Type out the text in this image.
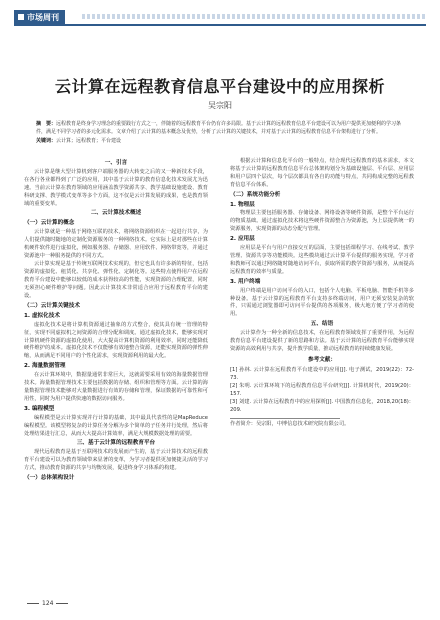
市场周刊
云计算在远程教育信息平台建设中的应用探析
吴宗阳

摘　要：远程教育是终身学习理念的重要践行方式之一，伴随着的远程教育平台仍有许多局限。基于云计算的远程教育信息平台建设可以为用户提供更加便利的学习条件，满足不同学习者的多元化需求。文章介绍了云计算的基本概念及优势，分析了云计算的关键技术，并对基于云计算的远程教育信息平台架构进行了分析。

关键词：云计算；远程教育；平台建设

一、引言

云计算是继大型计算机到客户端服务器的大转变之后的又一种新技术手段，在各行各业都得到了广泛的应用，其中基于云计算的教育信息化技术发展尤为迅速。当前云计算在教育领域的应用涵盖教学资源共享、教学基础设施建设、教育科研支撑、教学模式变革等多个方面，这不仅是云计算发展的成果，也是教育领域的重要变革。

二、云计算技术概述
（一）云计算的概念

云计算就是一种基于网络互联的技术，将网络资源组织在一起进行共享，为人们提供随时随地的定制化资源服务的一种网络技术。它实际上是对那些在计算机硬件软件进行虚拟化，例如服务器、存储器、应用软件、网络带宽等，并通过资源池中一种服务提供的不同方式。

云计算实现是基于传统互联网技术实现的，但它也具有许多新的特征，包括资源的虚拟化、租赁化、共享化、弹性化、定制化等。这些特点使得用户在远程教育平台建设中能够以较低的成本获得较高的性能，实现资源的合理配置，同时无须担心硬件维护等问题。因此云计算技术非常适合应用于远程教育平台的建设。

（二）云计算关键技术
1. 虚拟化技术

虚拟化技术是将计算机资源通过抽象的方式整合，使其具有统一管理的特征，实现不同虚拟机之间资源的合理分配和调度。通过虚拟化技术，能够实现对计算机硬件资源的虚拟化使用，大大提高计算机资源的利用效率，同时还能降低硬件维护的成本。虚拟化技术不仅能够有效地整合资源，还能实现资源的弹性伸缩，从而满足不同用户的个性化需求，实现资源利用的最大化。

2. 海量数据管理

在云计算环境中，数据量通常非常巨大，这就需要采用有效的海量数据管理技术。海量数据管理技术主要包括数据的存储、组织和管理等方面。云计算的海量数据管理技术能够对大量数据进行有效的存储和管理，保证数据的可靠性和可用性，同时为用户提供快速的数据访问服务。

3. 编程模型

编程模型是云计算实现并行计算的基础，其中最具代表性的是MapReduce编程模型。该模型将复杂的计算任务分解为多个简单的子任务并行处理，然后将处理结果进行汇总，从而大大提高计算效率，满足大规模数据处理的需要。

三、基于云计算的远程教育平台

现代远程教育是基于互联网技术的发展而产生的，基于云计算技术的远程教育平台建设可以为教育领域带来显著的变革，为学习者提供更加便捷灵活的学习方式，推动教育资源的共享与均衡发展，促进终身学习体系的构建。

（一）总体架构设计

根据云计算和信息化平台的一般特点，结合现代远程教育的基本需求，本文将基于云计算的远程教育信息平台总体架构划分为基础设施层、平台层、应用层和用户层四个层次，每个层次都具有各自的功能与特点，共同构成完整的远程教育信息平台体系。

（二）系统功能分析
1. 物理层

物理层主要包括服务器、存储设备、网络设备等硬件资源，是整个平台运行的物质基础。通过虚拟化技术将这些硬件资源整合为资源池，为上层提供统一的资源服务，实现资源的动态分配与管理。

2. 应用层

应用层是平台与用户直接交互的层面，主要包括课程学习、在线考试、教学管理、资源共享等功能模块。这些模块通过云计算平台提供的服务实现，学习者和教师可以通过网络随时随地访问平台，获取所需的教学资源与服务，从而提高远程教育的效率与质量。

3. 用户终端

用户终端是用户访问平台的入口，包括个人电脑、平板电脑、智能手机等多种设备。基于云计算的远程教育平台支持多终端访问，用户无须安装复杂的软件，只需通过浏览器即可访问平台提供的各项服务，极大地方便了学习者的使用。

五、结语

云计算作为一种全新的信息技术，在远程教育领域发挥了重要作用，为远程教育信息平台建设提供了新的思路和方法。基于云计算的远程教育平台能够实现资源的高效利用与共享，提升教学质量，推动远程教育的持续健康发展。

参考文献：

[1] 孙林. 云计算在远程教育平台建设中的应用[J]. 电子测试，2019(22)：72-73.

[2] 朱明. 云计算环境下的远程教育信息平台研究[J]. 计算机时代，2019(20)：157.

[3] 刘建. 云计算在远程教育中的应用探析[J]. 中国教育信息化，2018,20(18)：209.

作者简介：吴宗阳，中博信息技术研究院有限公司。

124
